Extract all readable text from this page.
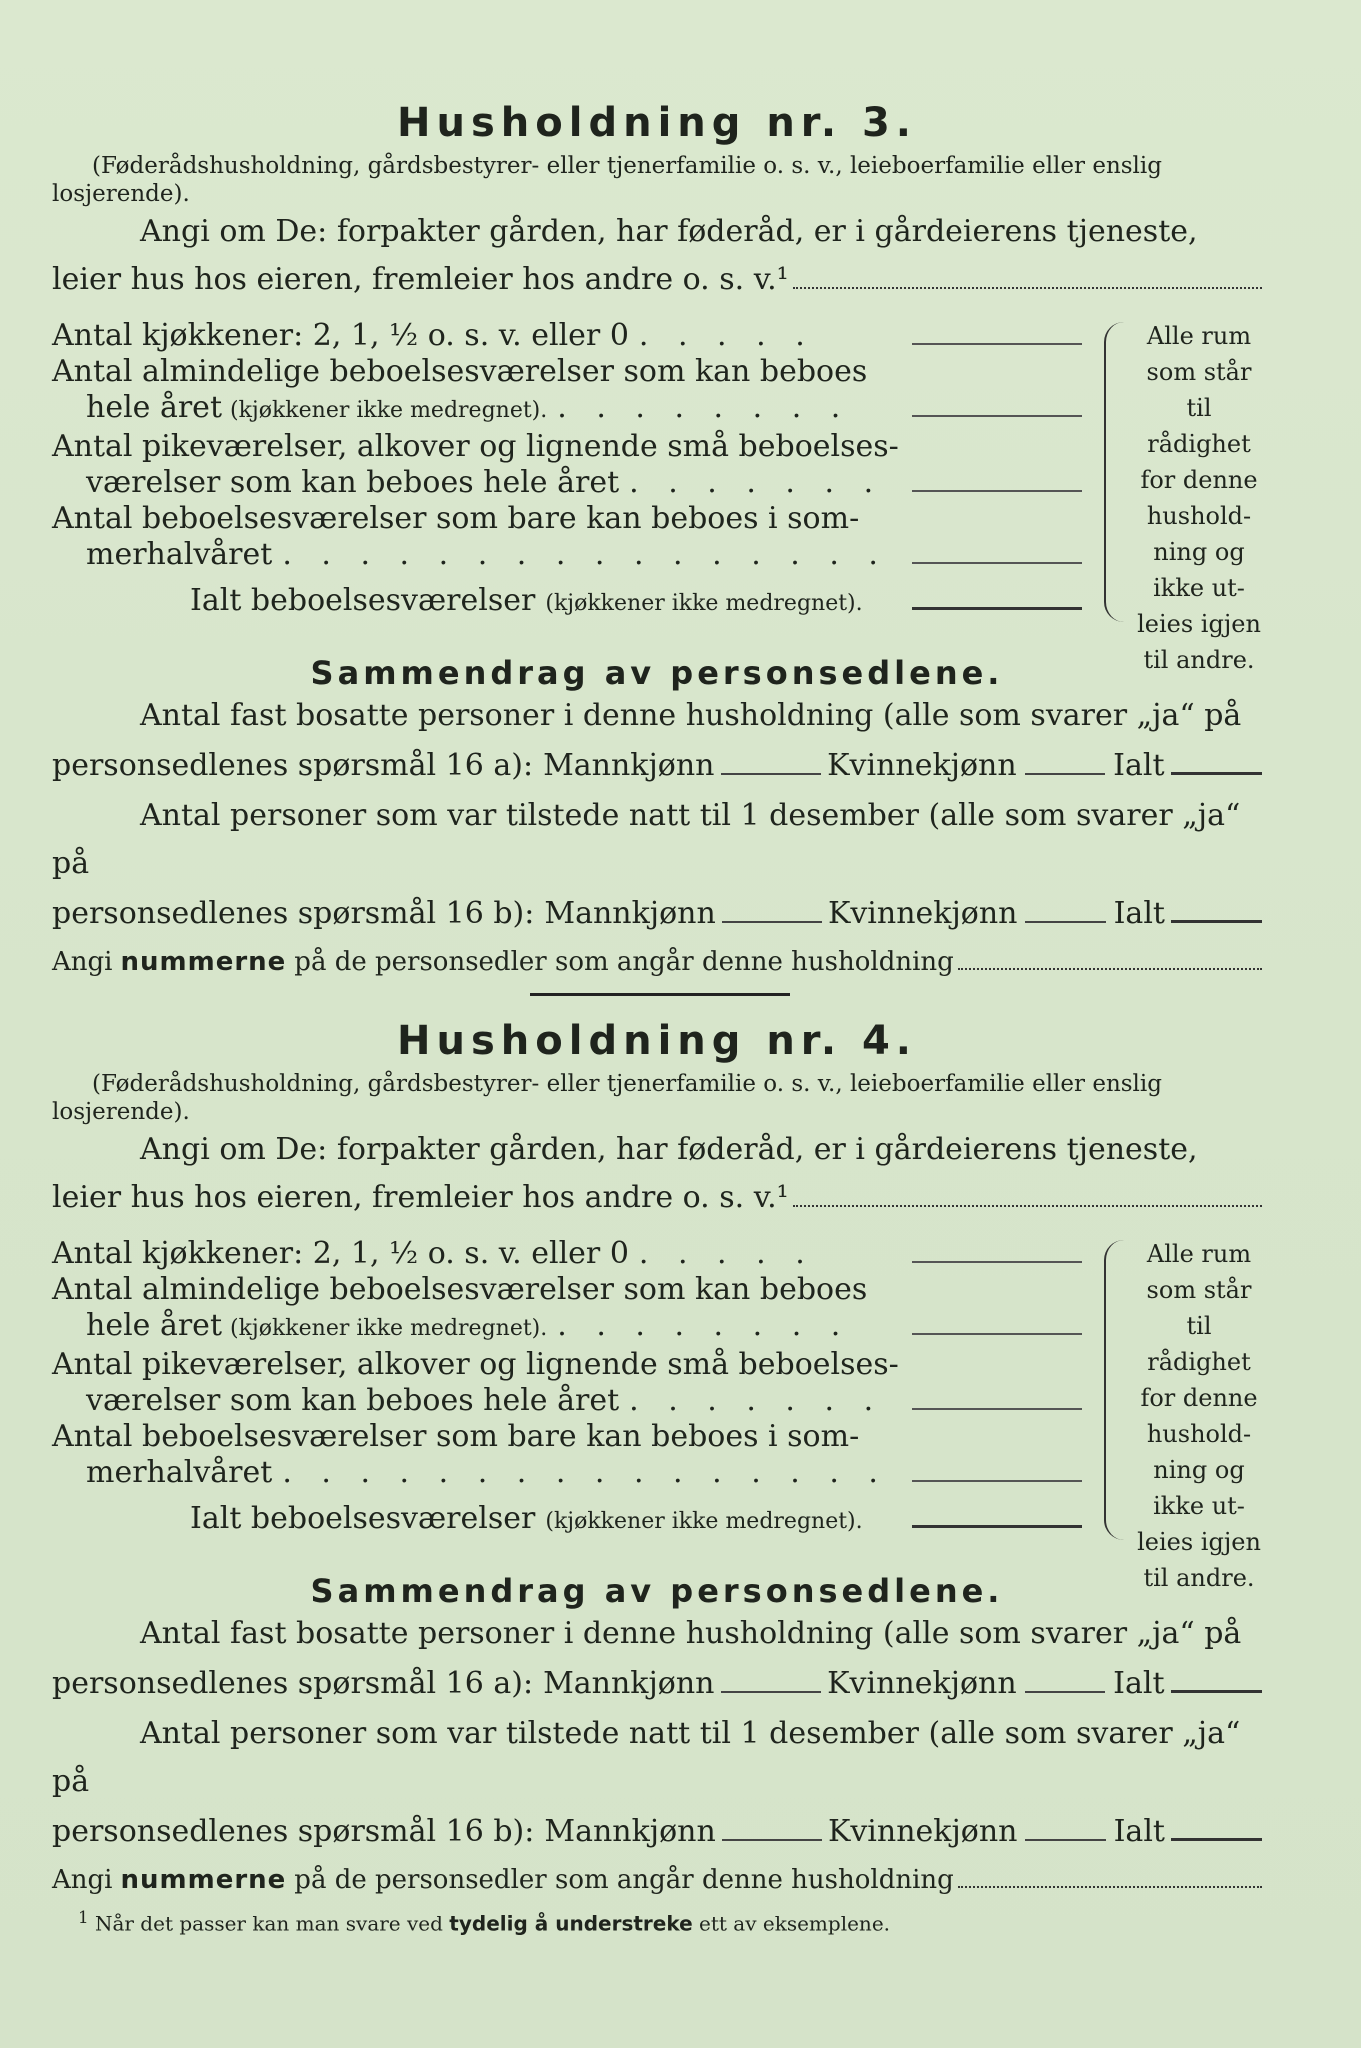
Husholdning nr. 3.

(Føderådshusholdning, gårdsbestyrer- eller tjenerfamilie o. s. v., leieboerfamilie eller enslig losjerende).

Angi om De: forpakter gården, har føderåd, er i gårdeierens tjeneste,

leier hus hos eieren, fremleier hos andre o. s. v.¹
Antal kjøkkener: 2, 1, ½ o. s. v. eller 0 . . . . .
Antal almindelige beboelsesværelser som kan beboes
hele året (kjøkkener ikke medregnet). . . . . . . . .
Antal pikeværelser, alkover og lignende små beboelses-
værelser som kan beboes hele året . . . . . . .
Antal beboelsesværelser som bare kan beboes i som-
merhalvåret . . . . . . . . . . . . . . . .
Ialt beboelsesværelser (kjøkkener ikke medregnet).
Alle rum
som står til
rådighet
for denne
hushold-
ning og
ikke ut-
leies igjen
til andre.
Sammendrag av personsedlene.

Antal fast bosatte personer i denne husholdning (alle som svarer „ja“ på

personsedlenes spørsmål 16 a): Mannkjønn	Kvinnekjønn	Ialt

Antal personer som var tilstede natt til 1 desember (alle som svarer „ja“ på

personsedlenes spørsmål 16 b): Mannkjønn	Kvinnekjønn	Ialt
Angi nummerne på de personsedler som angår denne husholdning
Husholdning nr. 4.

(Føderådshusholdning, gårdsbestyrer- eller tjenerfamilie o. s. v., leieboerfamilie eller enslig losjerende).

Angi om De: forpakter gården, har føderåd, er i gårdeierens tjeneste,

leier hus hos eieren, fremleier hos andre o. s. v.¹
Antal kjøkkener: 2, 1, ½ o. s. v. eller 0 . . . . .
Antal almindelige beboelsesværelser som kan beboes
hele året (kjøkkener ikke medregnet). . . . . . . . .
Antal pikeværelser, alkover og lignende små beboelses-
værelser som kan beboes hele året . . . . . . .
Antal beboelsesværelser som bare kan beboes i som-
merhalvåret . . . . . . . . . . . . . . . .
Ialt beboelsesværelser (kjøkkener ikke medregnet).
Alle rum
som står til
rådighet
for denne
hushold-
ning og
ikke ut-
leies igjen
til andre.
Sammendrag av personsedlene.

Antal fast bosatte personer i denne husholdning (alle som svarer „ja“ på

personsedlenes spørsmål 16 a): Mannkjønn	Kvinnekjønn	Ialt

Antal personer som var tilstede natt til 1 desember (alle som svarer „ja“ på

personsedlenes spørsmål 16 b): Mannkjønn	Kvinnekjønn	Ialt
Angi nummerne på de personsedler som angår denne husholdning
$^1$ Når det passer kan man svare ved tydelig å understreke ett av eksemplene.
